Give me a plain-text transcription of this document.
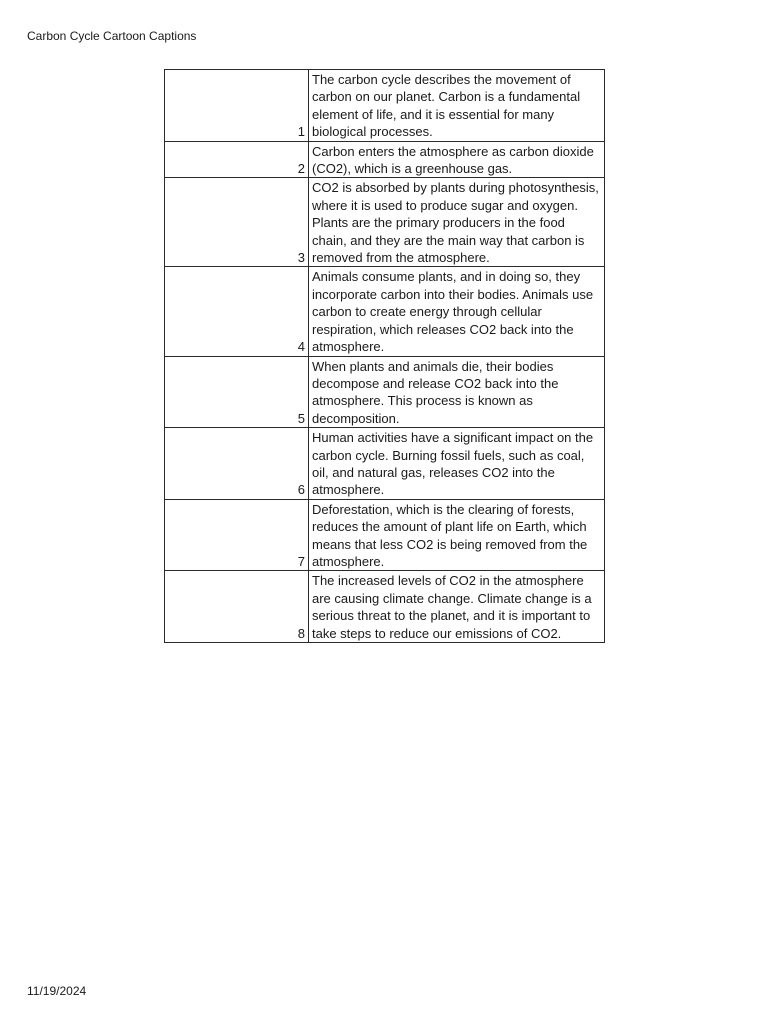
Carbon Cycle Cartoon Captions
1	The carbon cycle describes the movement of carbon on our planet. Carbon is a fundamental element of life, and it is essential for many biological processes.
2	Carbon enters the atmosphere as carbon dioxide (CO2), which is a greenhouse gas.
3	CO2 is absorbed by plants during photosynthesis, where it is used to produce sugar and oxygen. Plants are the primary producers in the food chain, and they are the main way that carbon is removed from the atmosphere.
4	Animals consume plants, and in doing so, they incorporate carbon into their bodies. Animals use carbon to create energy through cellular respiration, which releases CO2 back into the atmosphere.
5	When plants and animals die, their bodies decompose and release CO2 back into the atmosphere. This process is known as decomposition.
6	Human activities have a significant impact on the carbon cycle. Burning fossil fuels, such as coal, oil, and natural gas, releases CO2 into the atmosphere.
7	Deforestation, which is the clearing of forests, reduces the amount of plant life on Earth, which means that less CO2 is being removed from the atmosphere.
8	The increased levels of CO2 in the atmosphere are causing climate change. Climate change is a serious threat to the planet, and it is important to take steps to reduce our emissions of CO2.
11/19/2024
